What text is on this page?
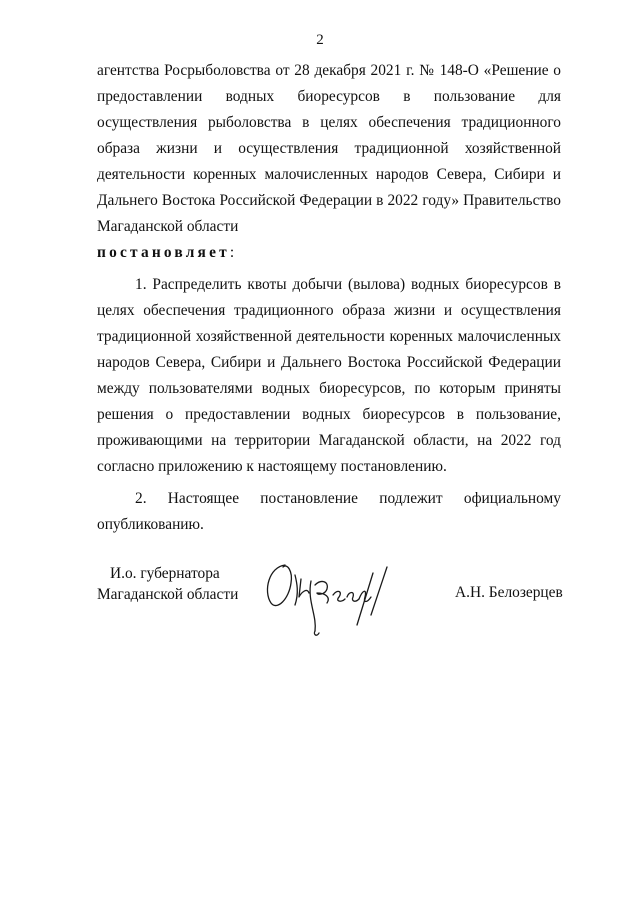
2

агентства Росрыболовства от 28 декабря 2021 г. № 148-О «Решение о предоставлении водных биоресурсов в пользование для осуществления рыболовства в целях обеспечения традиционного образа жизни и осуществления традиционной хозяйственной деятельности коренных малочисленных народов Севера, Сибири и Дальнего Востока Российской Федерации в 2022 году» Правительство Магаданской области

постановляет:

1. Распределить квоты добычи (вылова) водных биоресурсов в целях обеспечения традиционного образа жизни и осуществления традиционной хозяйственной деятельности коренных малочисленных народов Севера, Сибири и Дальнего Востока Российской Федерации между пользователями водных биоресурсов, по которым приняты решения о предоставлении водных биоресурсов в пользование, проживающими на территории Магаданской области, на 2022 год согласно приложению к настоящему постановлению.

2. Настоящее постановление подлежит официальному опубликованию.

И.о. губернатора
Магаданской области	А.Н. Белозерцев
